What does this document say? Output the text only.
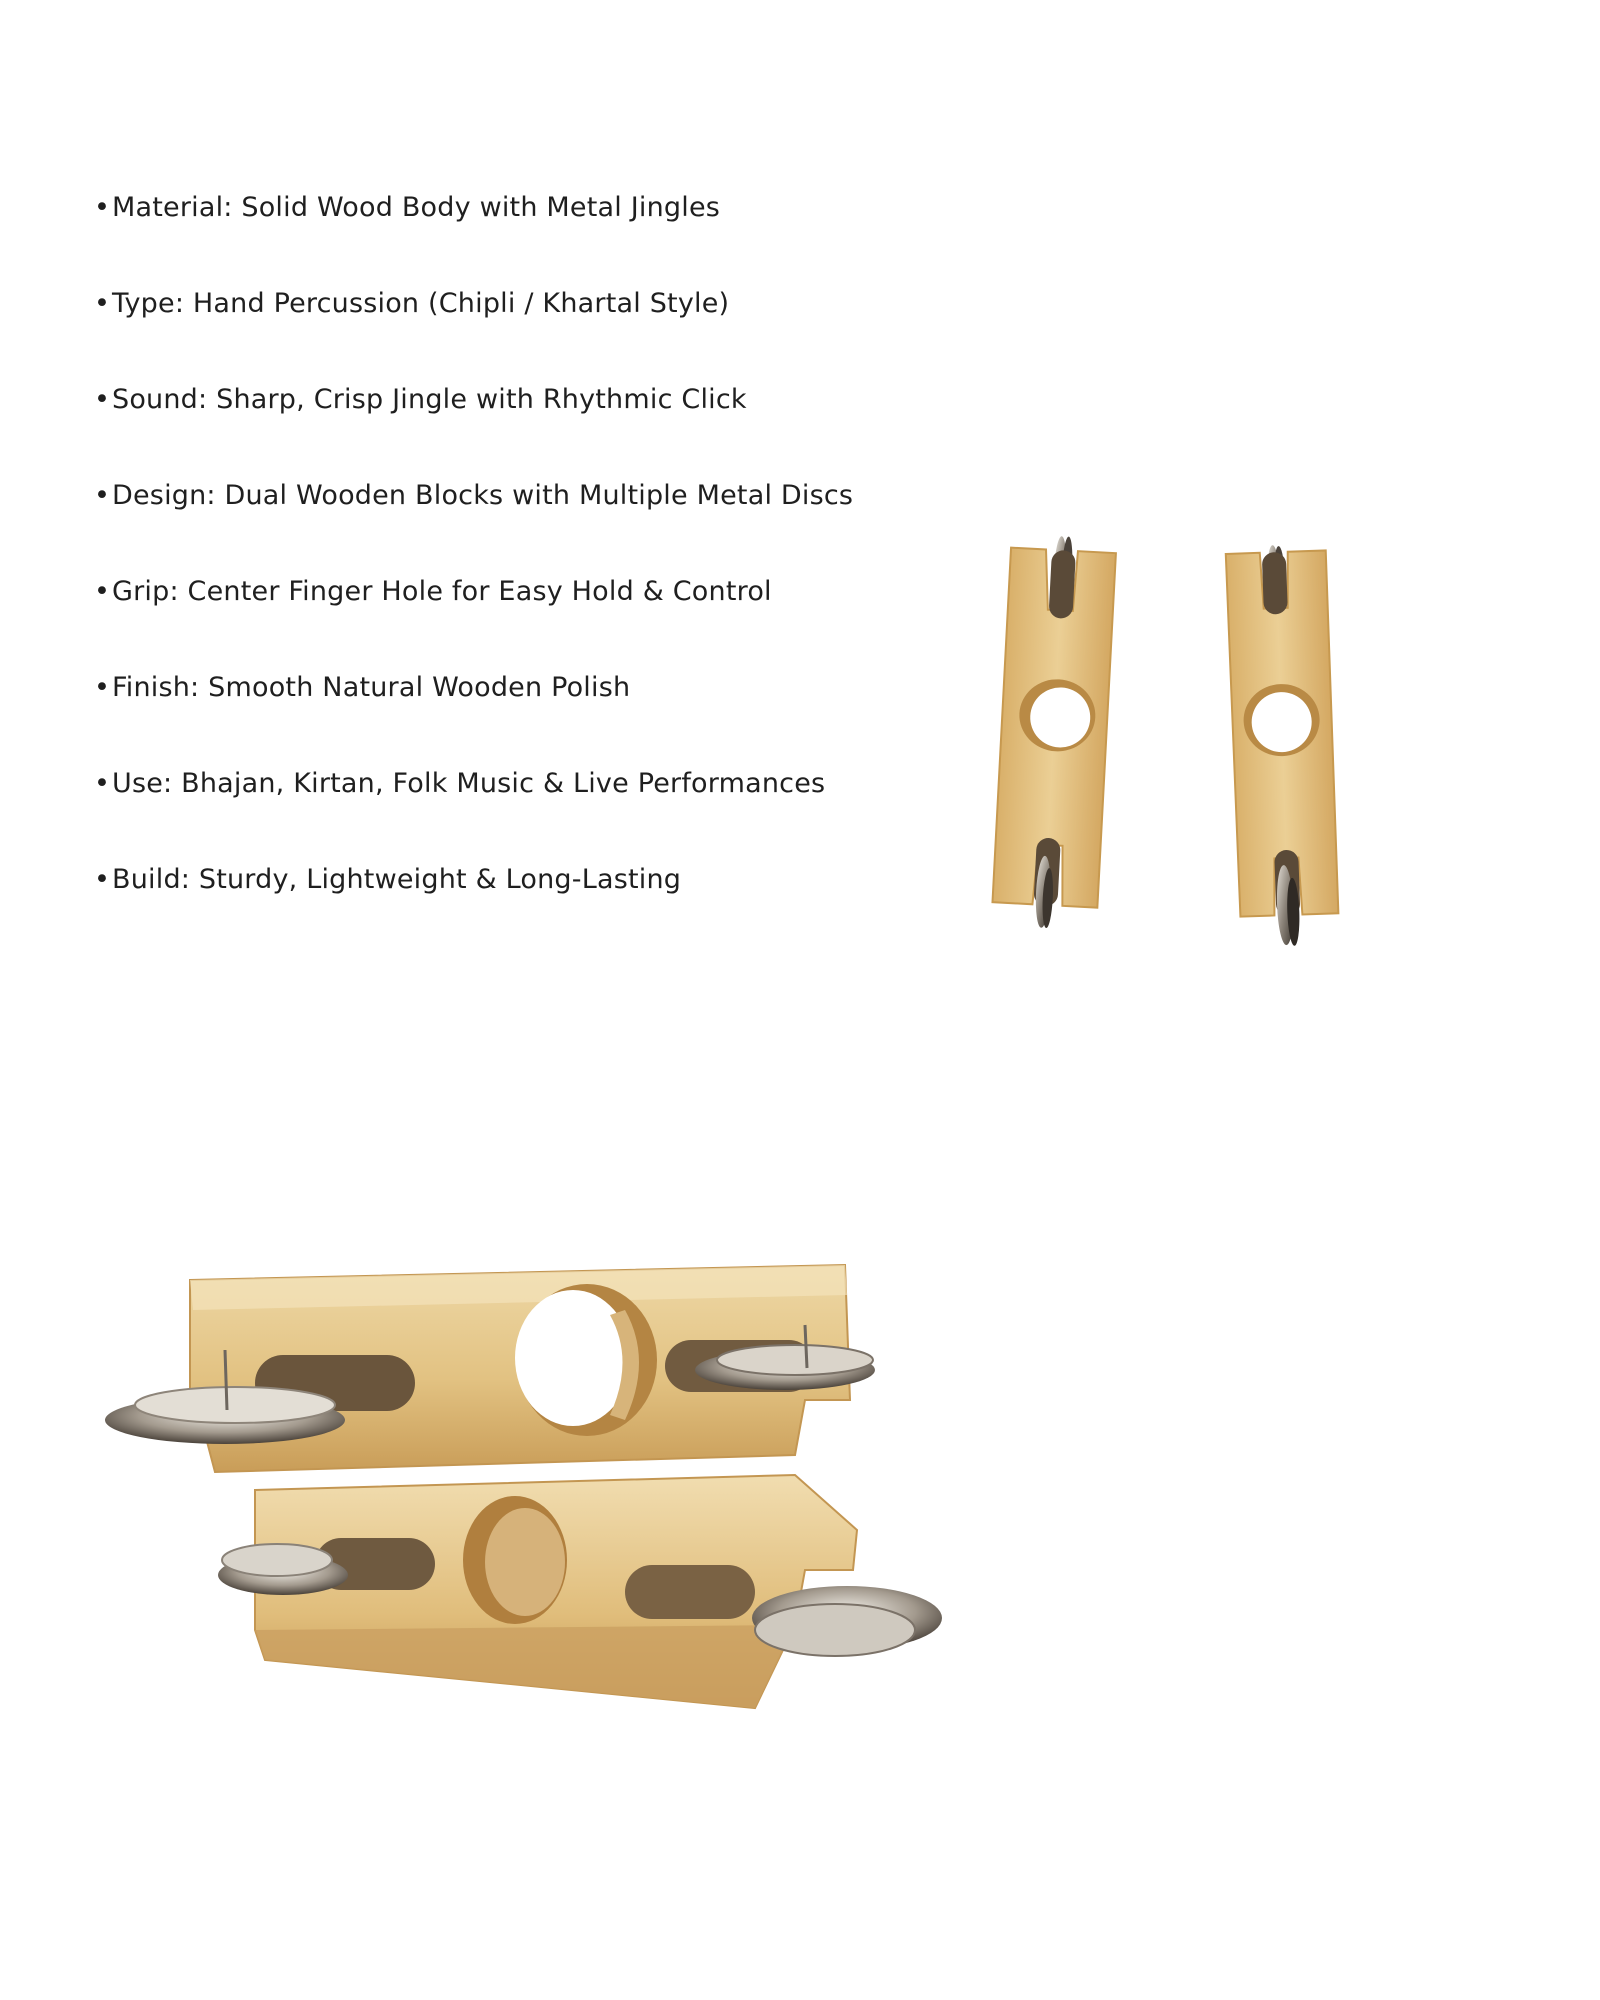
•Material: Solid Wood Body with Metal Jingles
•Type: Hand Percussion (Chipli / Khartal Style)
•Sound: Sharp, Crisp Jingle with Rhythmic Click
•Design: Dual Wooden Blocks with Multiple Metal Discs
•Grip: Center Finger Hole for Easy Hold & Control
•Finish: Smooth Natural Wooden Polish
•Use: Bhajan, Kirtan, Folk Music & Live Performances
•Build: Sturdy, Lightweight & Long-Lasting
